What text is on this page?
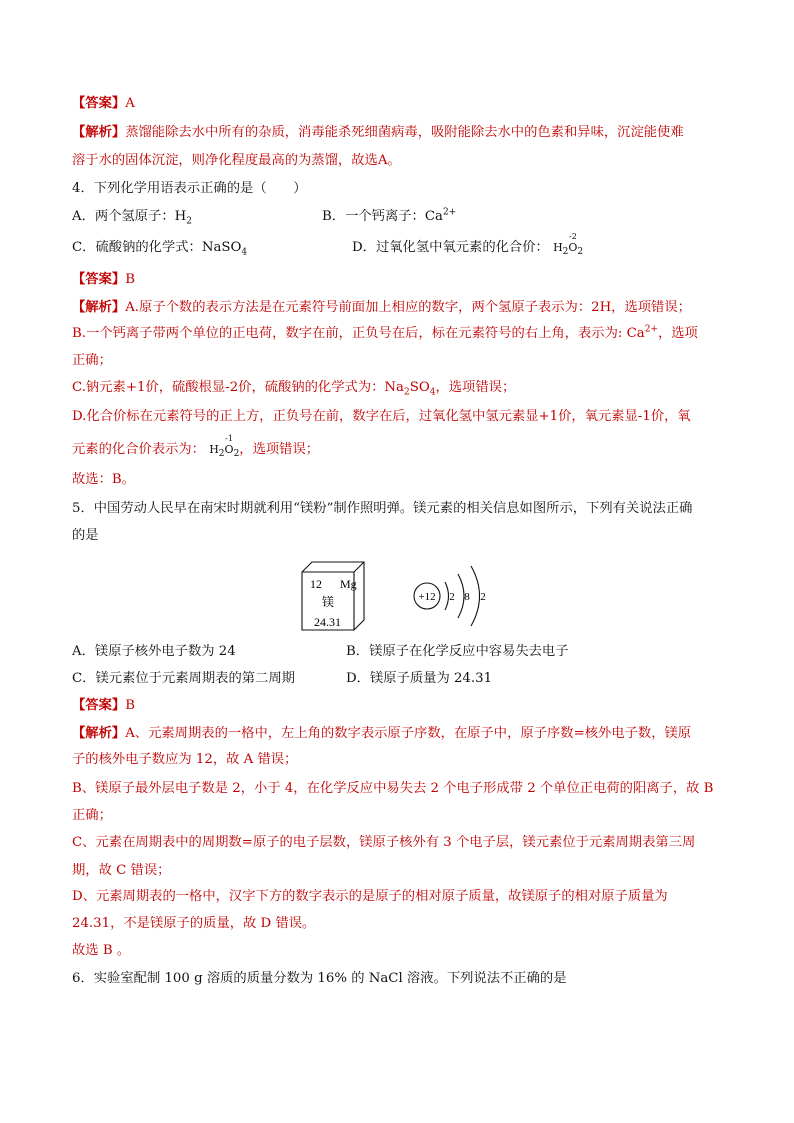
【答案】A
【解析】蒸馏能除去水中所有的杂质，消毒能杀死细菌病毒，吸附能除去水中的色素和异味，沉淀能使难
溶于水的固体沉淀，则净化程度最高的为蒸馏，故选A。
4．下列化学用语表示正确的是（　　）
A．两个氢原子：$H_2$	B．一个钙离子：$Ca^{2+}$
C．硫酸钠的化学式：NaSO$_4$	D．过氧化氢中氧元素的化合价： $H_2$
-2
$O_2$
【答案】B
【解析】A.原子个数的表示方法是在元素符号前面加上相应的数字，两个氢原子表示为：2H，选项错误；
B.一个钙离子带两个单位的正电荷，数字在前，正负号在后，标在元素符号的右上角，表示为: $Ca^{2+}$，选项
正确；
C.钠元素+1价，硫酸根显-2价，硫酸钠的化学式为：$Na_2SO_4$，选项错误；
D.化合价标在元素符号的正上方，正负号在前，数字在后，过氧化氢中氢元素显+1价，氧元素显-1价，氧
元素的化合价表示为： $H_2$
-1
$O_2$，选项错误；
故选：B。
5．中国劳动人民早在南宋时期就利用“镁粉”制作照明弹。镁元素的相关信息如图所示，下列有关说法正确
的是
12 Mg
镁
24.31
+12 2 8 2
A．镁原子核外电子数为 24	B．镁原子在化学反应中容易失去电子
C．镁元素位于元素周期表的第二周期	D．镁原子质量为 24.31
【答案】B
【解析】A、元素周期表的一格中，左上角的数字表示原子序数，在原子中，原子序数=核外电子数，镁原
子的核外电子数应为 12，故 A 错误；
B、镁原子最外层电子数是 2，小于 4，在化学反应中易失去 2 个电子形成带 2 个单位正电荷的阳离子，故 B
正确；
C、元素在周期表中的周期数=原子的电子层数，镁原子核外有 3 个电子层，镁元素位于元素周期表第三周
期，故 C 错误；
D、元素周期表的一格中，汉字下方的数字表示的是原子的相对原子质量，故镁原子的相对原子质量为
24.31，不是镁原子的质量，故 D 错误。
故选 B 。
6．实验室配制 100 g 溶质的质量分数为 16% 的 NaCl 溶液。下列说法不正确的是
